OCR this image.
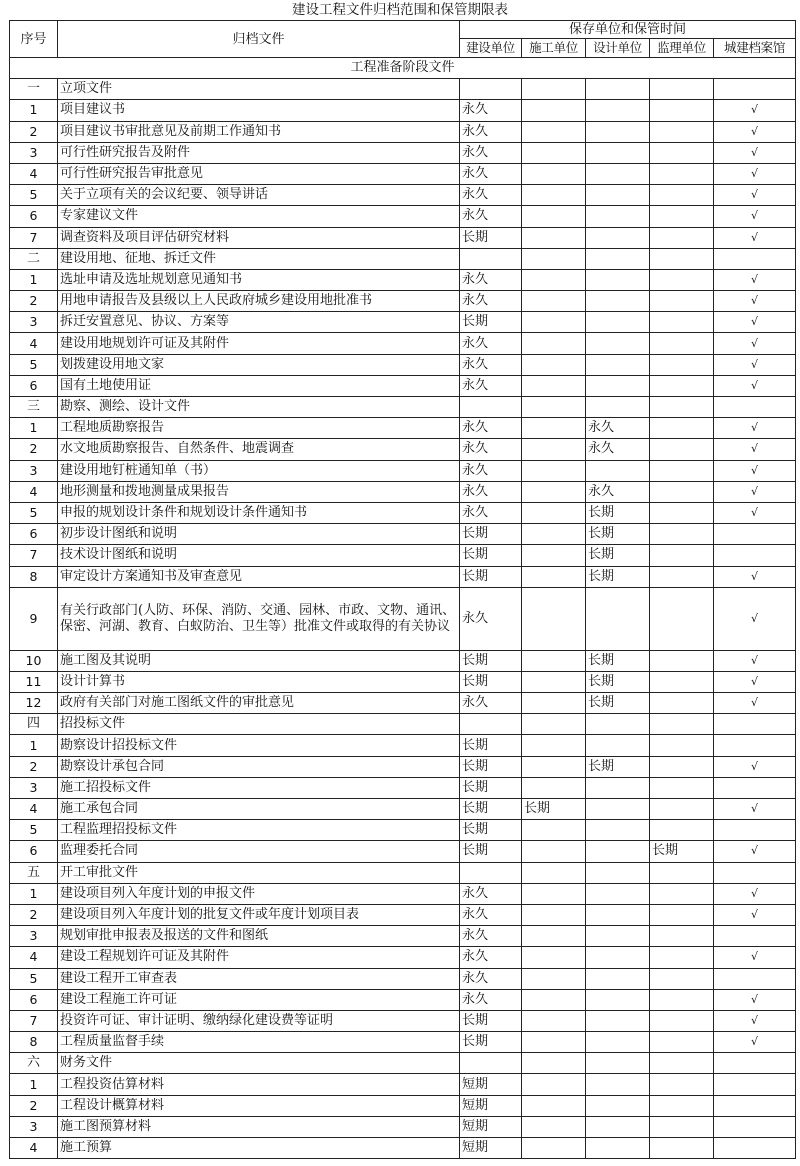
建设工程文件归档范围和保管期限表
序号	归档文件	保存单位和保管时间				
		建设单位	施工单位	设计单位	监理单位	城建档案馆
工程准备阶段文件						
一	立项文件					
1	项目建议书	永久				√
2	项目建议书审批意见及前期工作通知书	永久				√
3	可行性研究报告及附件	永久				√
4	可行性研究报告审批意见	永久				√
5	关于立项有关的会议纪要、领导讲话	永久				√
6	专家建议文件	永久				√
7	调查资料及项目评估研究材料	长期				√
二	建设用地、征地、拆迁文件					
1	选址申请及选址规划意见通知书	永久				√
2	用地申请报告及县级以上人民政府城乡建设用地批准书	永久				√
3	拆迁安置意见、协议、方案等	长期				√
4	建设用地规划许可证及其附件	永久				√
5	划拨建设用地文家	永久				√
6	国有土地使用证	永久				√
三	勘察、测绘、设计文件					
1	工程地质勘察报告	永久		永久		√
2	水文地质勘察报告、自然条件、地震调查	永久		永久		√
3	建设用地钉桩通知单（书）	永久				√
4	地形测量和拨地测量成果报告	永久		永久		√
5	申报的规划设计条件和规划设计条件通知书	永久		长期		√
6	初步设计图纸和说明	长期		长期		
7	技术设计图纸和说明	长期		长期		
8	审定设计方案通知书及审查意见	长期		长期		√
9	有关行政部门(人防、环保、消防、交通、园林、市政、文物、通讯、保密、河湖、教育、白蚁防治、卫生等）批准文件或取得的有关协议	永久				√
10	施工图及其说明	长期		长期		√
11	设计计算书	长期		长期		√
12	政府有关部门对施工图纸文件的审批意见	永久		长期		√
四	招投标文件					
1	勘察设计招投标文件	长期				
2	勘察设计承包合同	长期		长期		√
3	施工招投标文件	长期				
4	施工承包合同	长期	长期			√
5	工程监理招投标文件	长期				
6	监理委托合同	长期			长期	√
五	开工审批文件					
1	建设项目列入年度计划的申报文件	永久				√
2	建设项目列入年度计划的批复文件或年度计划项目表	永久				√
3	规划审批申报表及报送的文件和图纸	永久				
4	建设工程规划许可证及其附件	永久				√
5	建设工程开工审查表	永久				
6	建设工程施工许可证	永久				√
7	投资许可证、审计证明、缴纳绿化建设费等证明	长期				√
8	工程质量监督手续	长期				√
六	财务文件					
1	工程投资估算材料	短期				
2	工程设计概算材料	短期				
3	施工图预算材料	短期				
4	施工预算	短期				
